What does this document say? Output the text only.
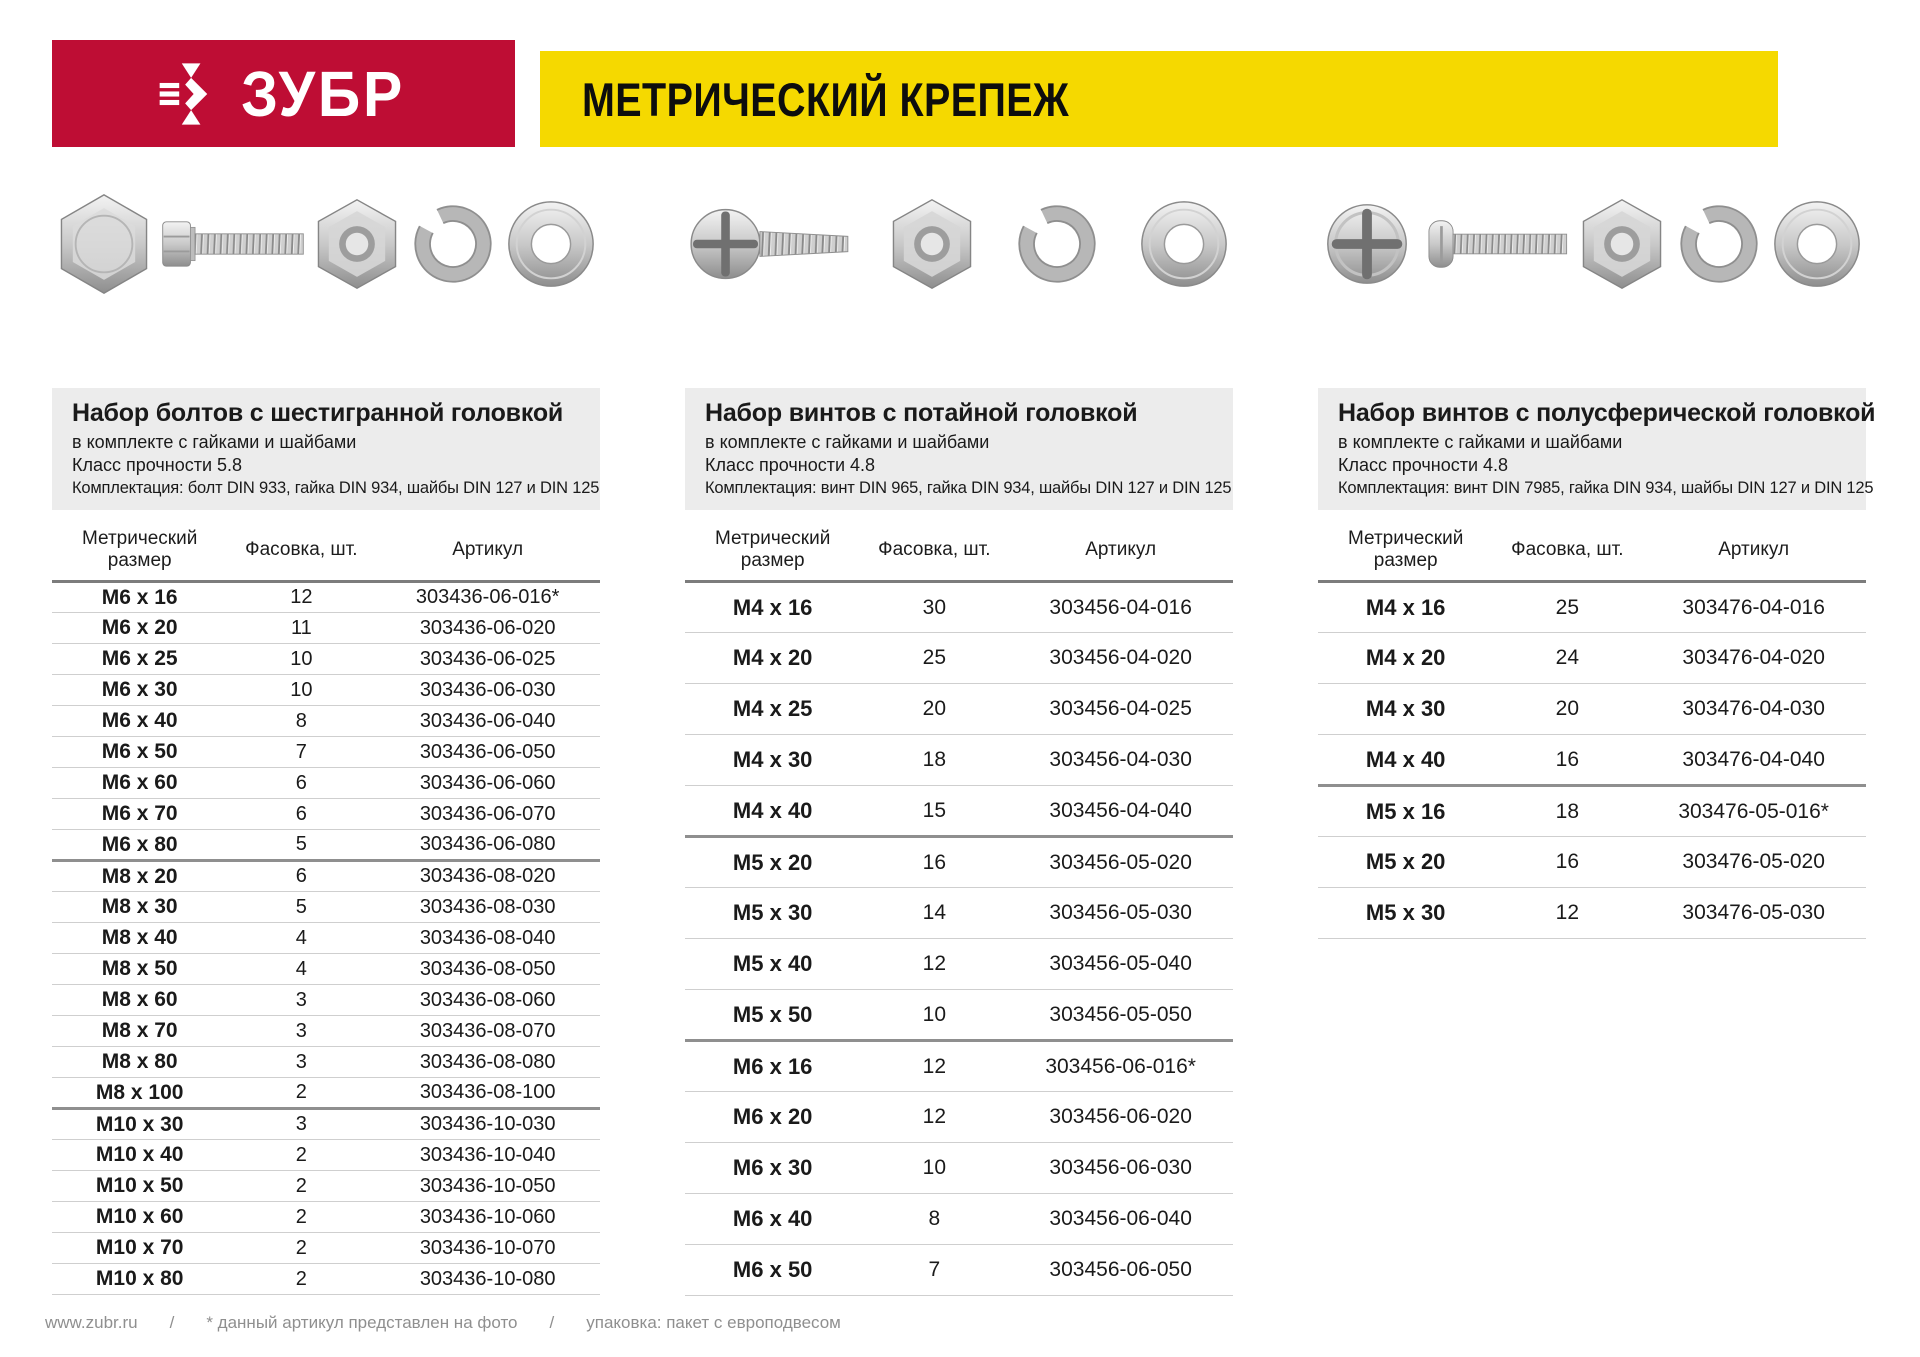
ЗУБР	МЕТРИЧЕСКИЙ КРЕПЕЖ
Набор болтов с шестигранной головкой

в комплекте с гайками и шайбами

Класс прочности 5.8

Комплектация: болт DIN 933, гайка DIN 934, шайбы DIN 127 и DIN 125

Метрический размер	Фасовка, шт.	Артикул
M6 x 16	12	303436-06-016*
M6 x 20	11	303436-06-020
M6 x 25	10	303436-06-025
M6 x 30	10	303436-06-030
M6 x 40	8	303436-06-040
M6 x 50	7	303436-06-050
M6 x 60	6	303436-06-060
M6 x 70	6	303436-06-070
M6 x 80	5	303436-06-080
M8 x 20	6	303436-08-020
M8 x 30	5	303436-08-030
M8 x 40	4	303436-08-040
M8 x 50	4	303436-08-050
M8 x 60	3	303436-08-060
M8 x 70	3	303436-08-070
M8 x 80	3	303436-08-080
M8 x 100	2	303436-08-100
M10 x 30	3	303436-10-030
M10 x 40	2	303436-10-040
M10 x 50	2	303436-10-050
M10 x 60	2	303436-10-060
M10 x 70	2	303436-10-070
M10 x 80	2	303436-10-080
Набор винтов с потайной головкой

в комплекте с гайками и шайбами

Класс прочности 4.8

Комплектация: винт DIN 965, гайка DIN 934, шайбы DIN 127 и DIN 125

Метрический размер	Фасовка, шт.	Артикул
M4 x 16	30	303456-04-016
M4 x 20	25	303456-04-020
M4 x 25	20	303456-04-025
M4 x 30	18	303456-04-030
M4 x 40	15	303456-04-040
M5 x 20	16	303456-05-020
M5 x 30	14	303456-05-030
M5 x 40	12	303456-05-040
M5 x 50	10	303456-05-050
M6 x 16	12	303456-06-016*
M6 x 20	12	303456-06-020
M6 x 30	10	303456-06-030
M6 x 40	8	303456-06-040
M6 x 50	7	303456-06-050
Набор винтов с полусферической головкой

в комплекте с гайками и шайбами

Класс прочности 4.8

Комплектация: винт DIN 7985, гайка DIN 934, шайбы DIN 127 и DIN 125

Метрический размер	Фасовка, шт.	Артикул
M4 x 16	25	303476-04-016
M4 x 20	24	303476-04-020
M4 x 30	20	303476-04-030
M4 x 40	16	303476-04-040
M5 x 16	18	303476-05-016*
M5 x 20	16	303476-05-020
M5 x 30	12	303476-05-030
www.zubr.ru / * данный артикул представлен на фото / упаковка: пакет с европодвесом
